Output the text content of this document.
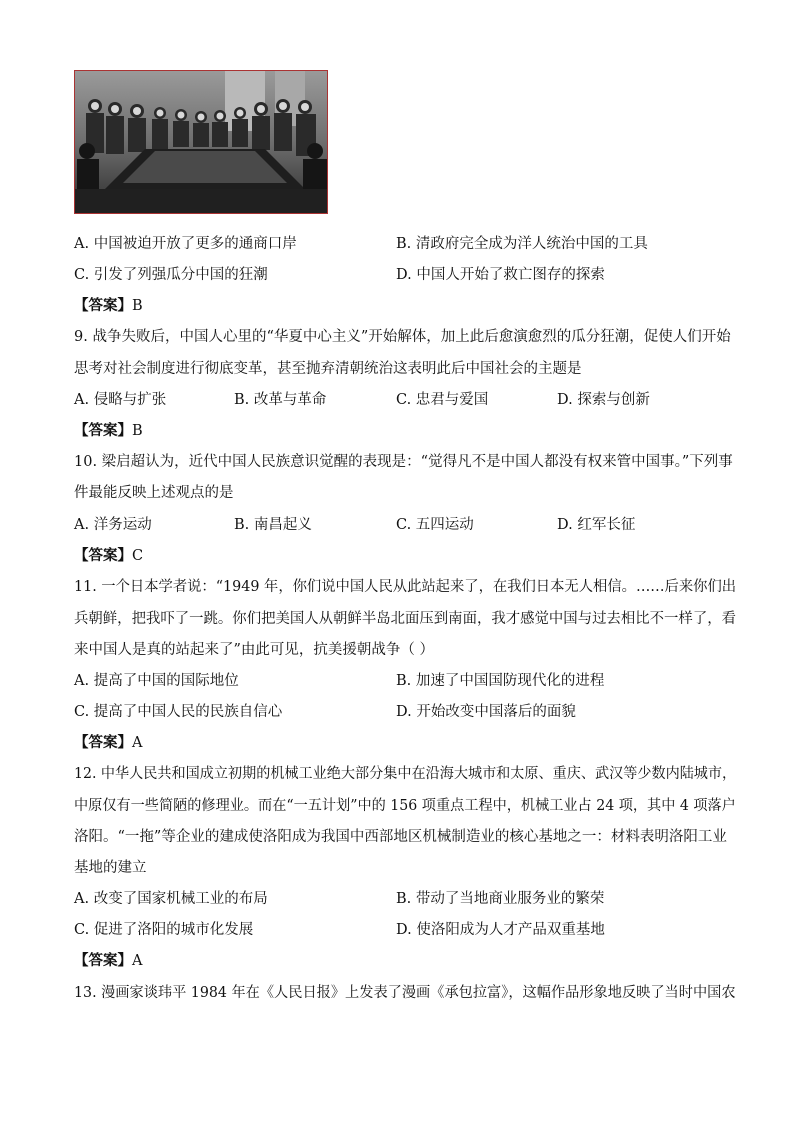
A. 中国被迫开放了更多的通商口岸	B. 清政府完全成为洋人统治中国的工具
C. 引发了列强瓜分中国的狂潮	D. 中国人开始了救亡图存的探索
【答案】B
9. 战争失败后，中国人心里的“华夏中心主义”开始解体，加上此后愈演愈烈的瓜分狂潮，促使人们开始
思考对社会制度进行彻底变革，甚至抛弃清朝统治这表明此后中国社会的主题是
A. 侵略与扩张	B. 改革与革命	C. 忠君与爱国	D. 探索与创新
【答案】B
10. 梁启超认为，近代中国人民族意识觉醒的表现是：“觉得凡不是中国人都没有权来管中国事。”下列事
件最能反映上述观点的是
A. 洋务运动	B. 南昌起义	C. 五四运动	D. 红军长征
【答案】C
11. 一个日本学者说：“1949 年，你们说中国人民从此站起来了，在我们日本无人相信。……后来你们出
兵朝鲜，把我吓了一跳。你们把美国人从朝鲜半岛北面压到南面，我才感觉中国与过去相比不一样了，看
来中国人是真的站起来了”由此可见，抗美援朝战争（ ）
A. 提高了中国的国际地位	B. 加速了中国国防现代化的进程
C. 提高了中国人民的民族自信心	D. 开始改变中国落后的面貌
【答案】A
12. 中华人民共和国成立初期的机械工业绝大部分集中在沿海大城市和太原、重庆、武汉等少数内陆城市，
中原仅有一些简陋的修理业。而在“一五计划”中的 156 项重点工程中，机械工业占 24 项，其中 4 项落户
洛阳。“一拖”等企业的建成使洛阳成为我国中西部地区机械制造业的核心基地之一：材料表明洛阳工业
基地的建立
A. 改变了国家机械工业的布局	B. 带动了当地商业服务业的繁荣
C. 促进了洛阳的城市化发展	D. 使洛阳成为人才产品双重基地
【答案】A
13. 漫画家谈玮平 1984 年在《人民日报》上发表了漫画《承包拉富》，这幅作品形象地反映了当时中国农
